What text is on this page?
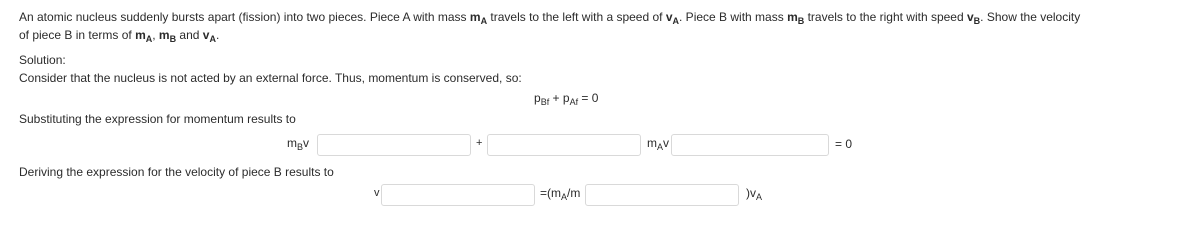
An atomic nucleus suddenly bursts apart (fission) into two pieces. Piece A with mass $m_A$ travels to the left with a speed of $v_A$. Piece B with mass $m_B$ travels to the right with speed $v_B$. Show the velocity
of piece B in terms of $m_A$, $m_B$ and $v_A$.
Solution:
Consider that the nucleus is not acted by an external force. Thus, momentum is conserved, so:
$p_{Bf} + p_{Af} = 0$
Substituting the expression for momentum results to
$m_Bv$	+	$m_Av$	= 0
Deriving the expression for the velocity of piece B results to
v	$=(m_A/m$	)$v_A$
